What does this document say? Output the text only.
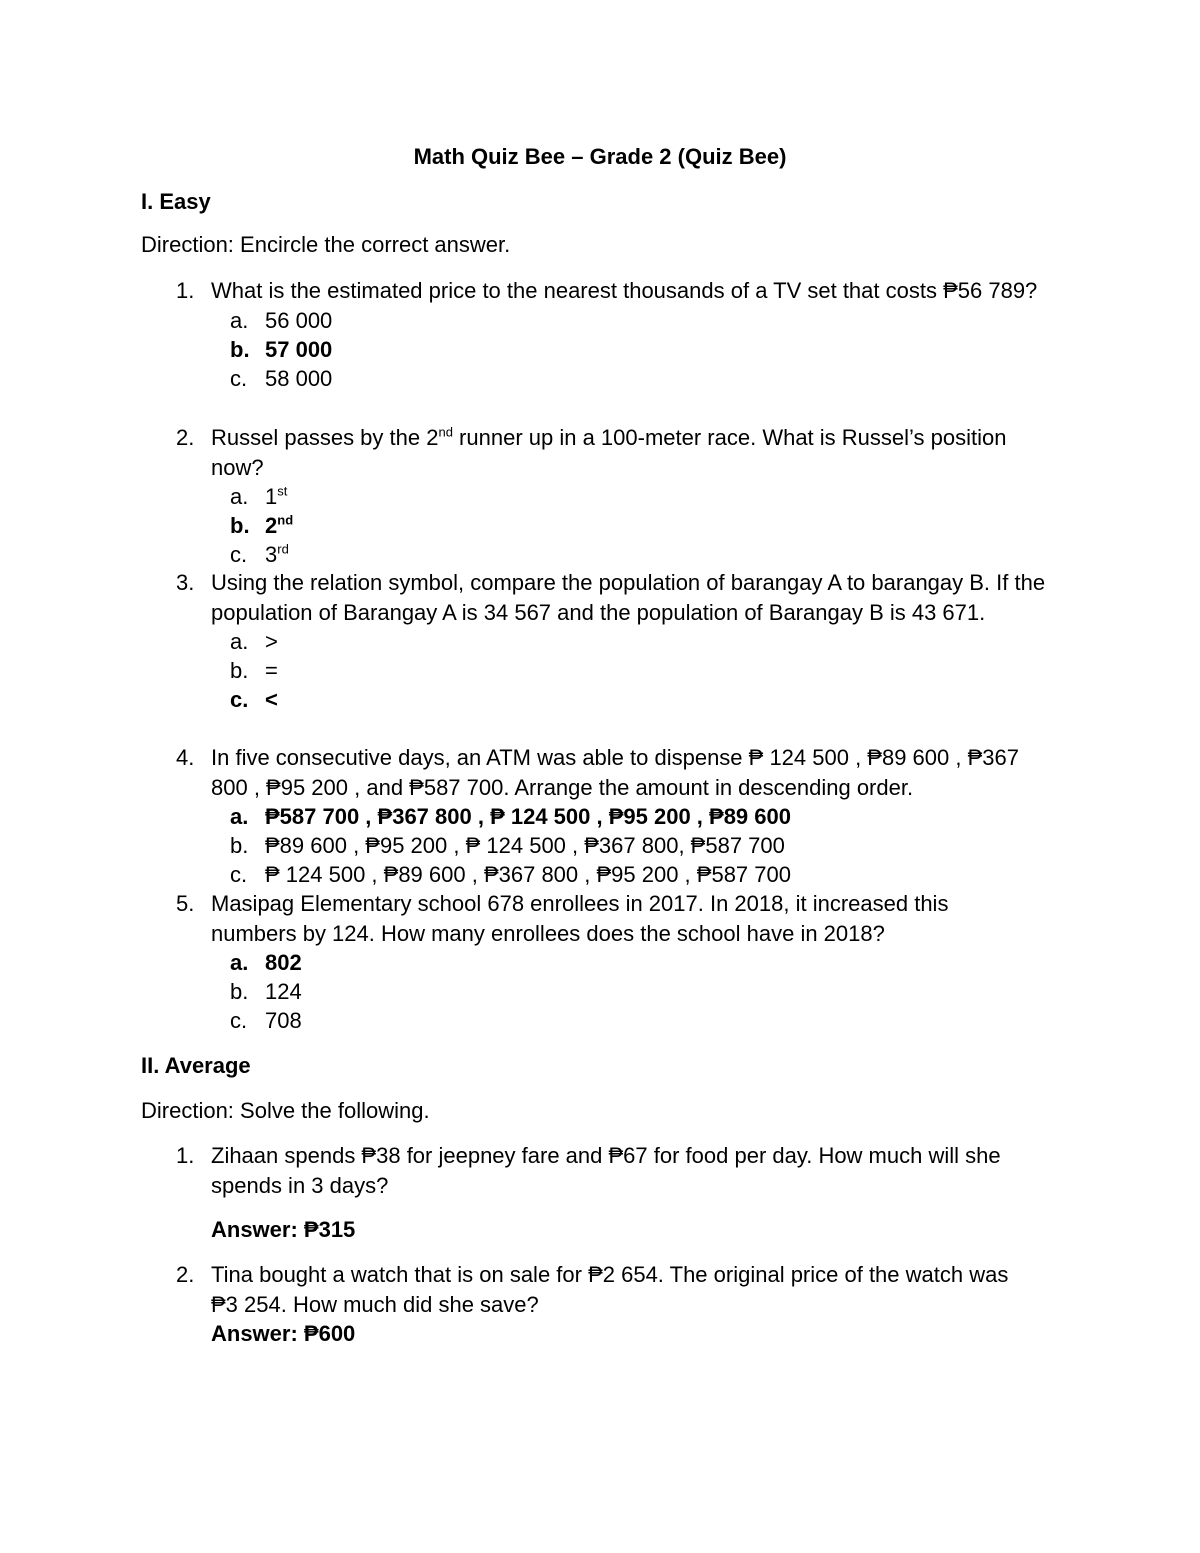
Math Quiz Bee – Grade 2 (Quiz Bee)
I. Easy
Direction: Encircle the correct answer.
1. What is the estimated price to the nearest thousands of a TV set that costs ₱56 789?
a. 56 000
b. 57 000
c. 58 000
2. Russel passes by the 2nd runner up in a 100-meter race. What is Russel’s position now?
a. 1st
b. 2nd
c. 3rd
3. Using the relation symbol, compare the population of barangay A to barangay B. If the population of Barangay A is 34 567 and the population of Barangay B is 43 671.
a. >
b. =
c. <
4. In five consecutive days, an ATM was able to dispense ₱ 124 500 , ₱89 600 , ₱367 800 , ₱95 200 , and ₱587 700. Arrange the amount in descending order.
a. ₱587 700 , ₱367 800 , ₱ 124 500 , ₱95 200 , ₱89 600
b. ₱89 600 , ₱95 200 , ₱ 124 500 , ₱367 800, ₱587 700
c. ₱ 124 500 , ₱89 600 , ₱367 800 , ₱95 200 , ₱587 700
5. Masipag Elementary school 678 enrollees in 2017. In 2018, it increased this numbers by 124. How many enrollees does the school have in 2018?
a. 802
b. 124
c. 708
II. Average
Direction: Solve the following.
1. Zihaan spends ₱38 for jeepney fare and ₱67 for food per day. How much will she spends in 3 days?
Answer: ₱315
2. Tina bought a watch that is on sale for ₱2 654. The original price of the watch was ₱3 254. How much did she save?
Answer: ₱600
